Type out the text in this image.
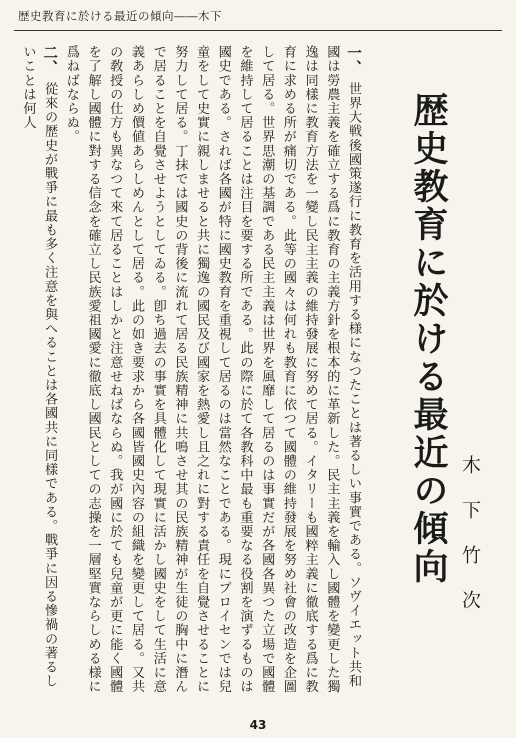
歴史教育に於ける最近の傾向――木下

一、世界大戦後國策遂行に教育を活用する様になつたことは著るしい事實である。ソヴイエット共和國は勞農主義を確立する爲に教育の主義方針を根本的に革新した。民主主義を輸入し國體を變更した獨逸は同樣に教育方法を一變し民主主義の維持發展に努めて居る。イタリーも國粹主義に徹底する爲に教育に求める所が痛切である。此等の國々は何れも教育に依つて國體の維持發展を努め社會の改造を企圖して居る。世界思潮の基調である民主主義は世界を風靡して居るのは事實だが各國各異つた立場で國體を維持して居ることは注目を要する所である。此の際に於て各教科中最も重要なる役割を演ずるものは國史である。されば各國が特に國史教育を重視して居るのは當然なことである。現にプロイセンでは兒童をして史實に親しませると共に獨逸の國民及び國家を熱愛し且之れに對する責任を自覺させることに努力して居る。丁抹では國史の背後に流れて居る民族精神に共鳴させ其の民族精神が生徒の胸中に潛んで居ることを自覺させようとしてゐる。卽ち過去の事實を具體化して現實に活かし國史をして生活に意義あらしめ價値あらしめんとして居る。此の如き要求から各國皆國史內容の組織を變更して居る。又共の敎授の仕方も異なつて來て居ることはしかと注意せねばならぬ。我が國に於ても兒童が更に能く國體を了解し國體に對する信念を確立し民族愛祖國愛に徹底し國民としての志操を一層堅實ならしめる様に爲ねばならぬ。

二、從來の歴史が戰爭に最も多く注意を與へることは各國共に同樣である。戰爭に因る慘禍の著るしいことは何人

歴史教育に於ける最近の傾向 木下竹次
43
